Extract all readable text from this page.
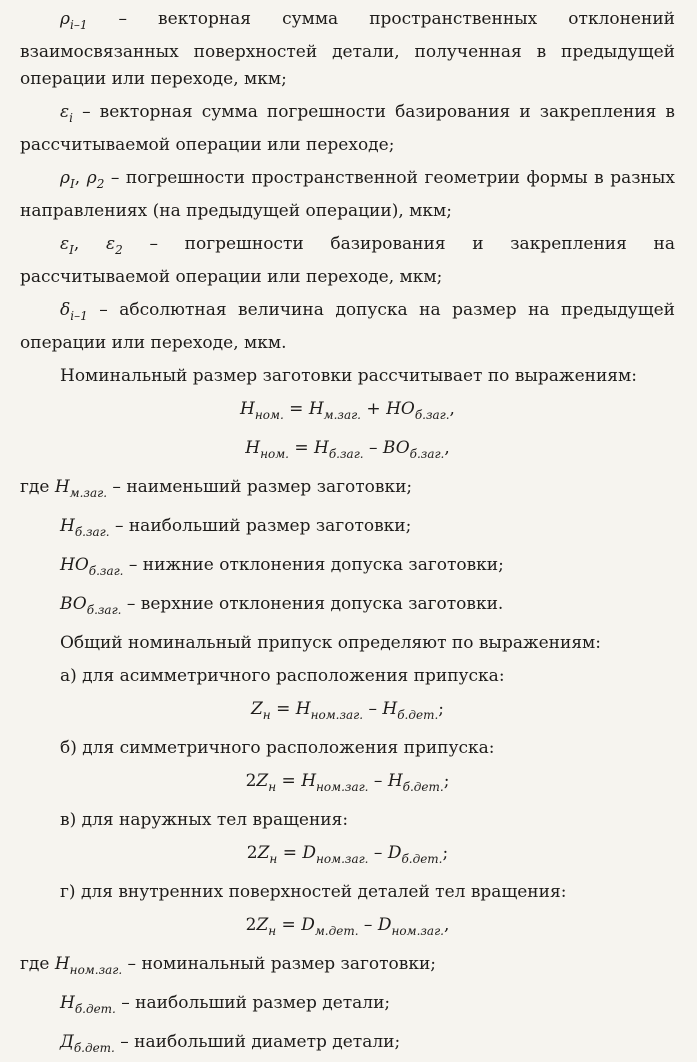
$\rho_{i-1}$ – векторная сумма пространственных отклонений взаимосвязанных поверхностей детали, полученная в предыдущей операции или переходе, мкм;

$\varepsilon_i$ – векторная сумма погрешности базирования и закрепления в рассчитываемой операции или переходе;

$\rho_I$, $\rho_2$ – погрешности пространственной геометрии формы в разных направлениях (на предыдущей операции), мкм;

$\varepsilon_I$, $\varepsilon_2$ – погрешности базирования и закрепления на рассчитываемой операции или переходе, мкм;

$\delta_{i-1}$ – абсолютная величина допуска на размер на предыдущей операции или переходе, мкм.

Номинальный размер заготовки рассчитывает по выражениям:

$H_{ном.} = H_{м.заг.} + HO_{б.заг.}$,

$H_{ном.} = H_{б.заг.} - BO_{б.заг.}$,

где $H_{м.заг.}$ – наименьший размер заготовки;

$H_{б.заг.}$ – наибольший размер заготовки;

$HO_{б.заг.}$ – нижние отклонения допуска заготовки;

$BO_{б.заг.}$ – верхние отклонения допуска заготовки.

Общий номинальный припуск определяют по выражениям:

а) для асимметричного расположения припуска:

$Z_н = H_{ном.заг.} - H_{б.дет.}$;

б) для симметричного расположения припуска:

$2Z_н = H_{ном.заг.} - H_{б.дет.}$;

в) для наружных тел вращения:

$2Z_н = D_{ном.заг.} - D_{б.дет.}$;

г) для внутренних поверхностей деталей тел вращения:

$2Z_н = D_{м.дет.} - D_{ном.заг.}$,

где $H_{ном.заг.}$ – номинальный размер заготовки;

$H_{б.дет.}$ – наибольший размер детали;

$Д_{б.дет.}$ – наибольший диаметр детали;
